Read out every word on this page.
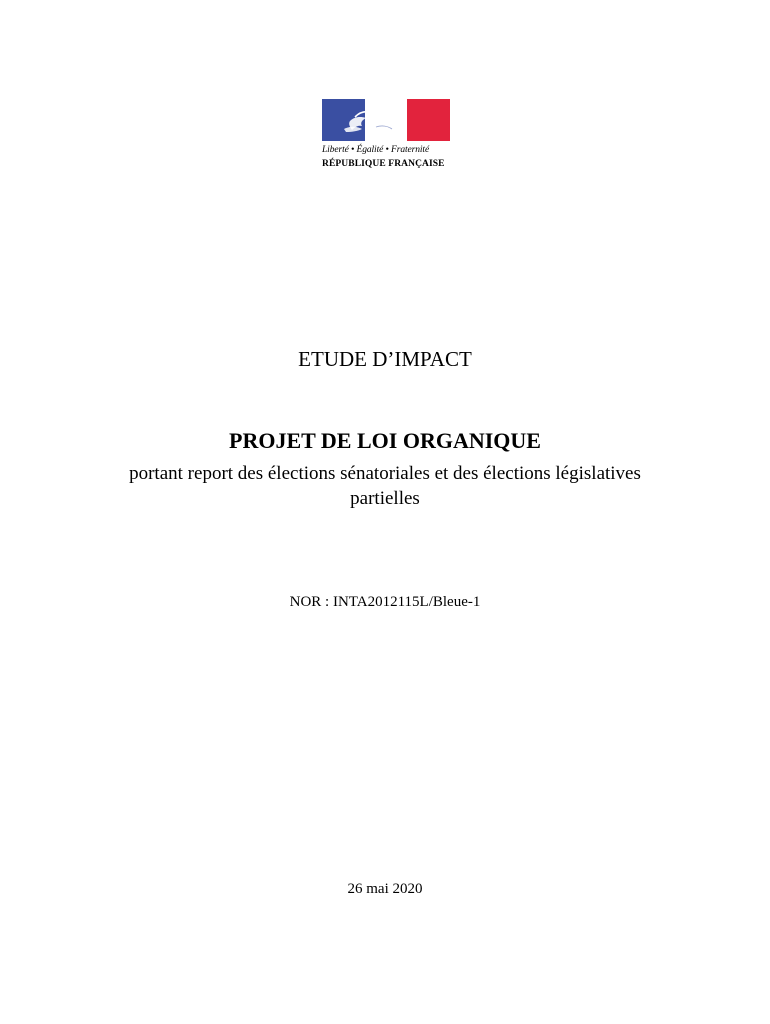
Liberté • Égalité • Fraternité
RÉPUBLIQUE FRANÇAISE
ETUDE D’IMPACT
PROJET DE LOI ORGANIQUE
portant report des élections sénatoriales et des élections législatives partielles
NOR : INTA2012115L/Bleue-1
26 mai 2020
